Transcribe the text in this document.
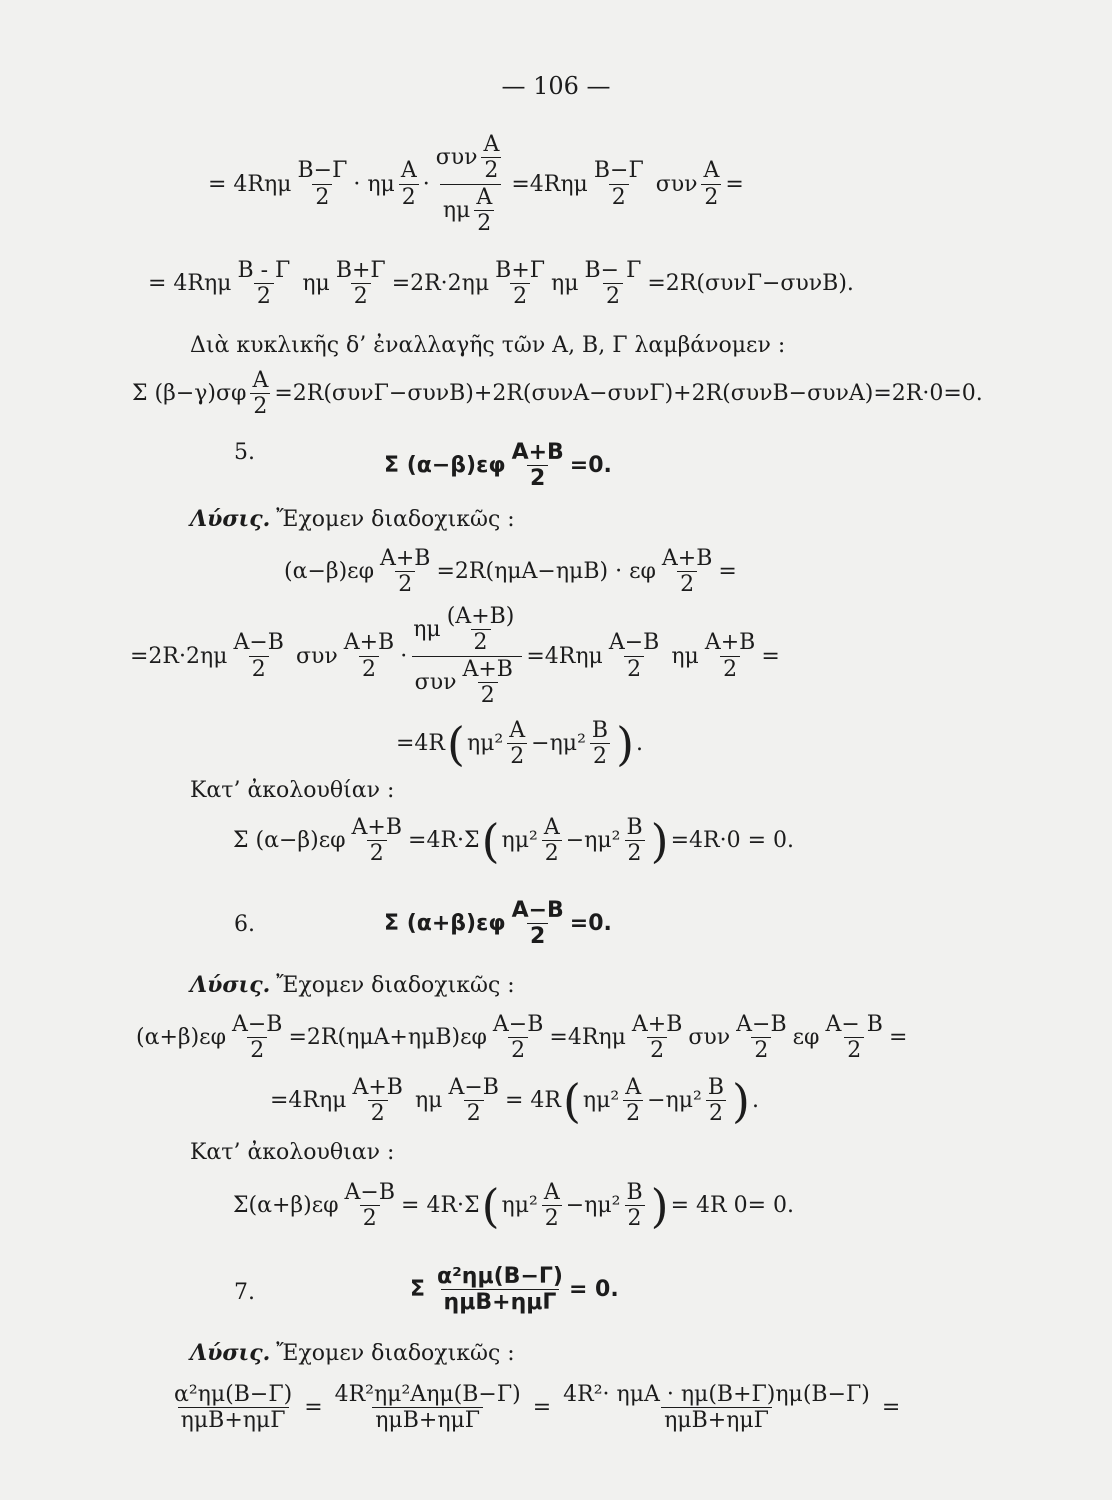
— 106 —
= $4R\eta\mu \frac{B-\Gamma}{2} \cdot \eta\mu \frac{A}{2} \cdot \frac{\sigma\upsilon\nu \frac{A}{2}}{\eta\mu \frac{A}{2}} =4R\eta\mu \frac{B-\Gamma}{2}$ συν $\frac{A}{2}$ =
= $4R\eta\mu \frac{B - \Gamma}{2}$ ημ $\frac{B+\Gamma}{2} =2R\cdot 2\eta\mu \frac{B+\Gamma}{2}$ ημ $\frac{B- \Gamma}{2} =2R(\sigma\upsilon\nu\Gamma-\sigma\upsilon\nu B)$.
Διὰ κυκλικῆς δ’ ἐναλλαγῆς τῶν Α, Β, Γ λαμβάνομεν :
Σ $(\beta-\gamma)\sigma\varphi \frac{A}{2} =2R(\sigma\upsilon\nu\Gamma-\sigma\upsilon\nu B)+2R(\sigma\upsilon\nu A-\sigma\upsilon\nu\Gamma)+2R(\sigma\upsilon\nu B-\sigma\upsilon\nu A)=2R\cdot 0=0$.
5.
Σ $(\alpha-\beta)\varepsilon\varphi \frac{A+B}{2} =0$.
Λύσις. Ἔχομεν διαδοχικῶς :
$(\alpha-\beta)\varepsilon\varphi \frac{A+B}{2} =2R(\eta\mu A-\eta\mu B) \cdot \varepsilon\varphi \frac{A+B}{2}$ =
$=2R\cdot 2\eta\mu \frac{A-B}{2}$ συν $\frac{A+B}{2} \cdot \frac{\eta\mu \frac{(A+B)}{2}}{\sigma\upsilon\nu \frac{A+B}{2}} =4R\eta\mu \frac{A-B}{2}$ ημ $\frac{A+B}{2}$ =
=4R ( $\eta\mu^2 \frac{A}{2} -\eta\mu^2 \frac{B}{2}$ ) .
Κατ’ ἀκολουθίαν :
Σ $(\alpha-\beta)\varepsilon\varphi \frac{A+B}{2} =4R\cdot\Sigma$ ( $\eta\mu^2 \frac{A}{2} -\eta\mu^2 \frac{B}{2}$ ) =4R·0 = 0.
6.	Σ $(\alpha+\beta)\varepsilon\varphi \frac{A-B}{2} =0$.
Λύσις. Ἔχομεν διαδοχικῶς :
$(\alpha+\beta)\varepsilon\varphi \frac{A-B}{2} =2R(\eta\mu A+\eta\mu B)\varepsilon\varphi \frac{A-B}{2} =4R\eta\mu \frac{A+B}{2}$ συν $\frac{A-B}{2}$ εφ $\frac{A- B}{2}$ =
$=4R\eta\mu \frac{A+B}{2}$ ημ $\frac{A-B}{2} = 4R$ ( $\eta\mu^2 \frac{A}{2} -\eta\mu^2 \frac{B}{2}$ ) .
Κατ’ ἀκολουθιαν :
$\Sigma(\alpha+\beta)\varepsilon\varphi \frac{A-B}{2} = 4R\cdot\Sigma$ ( $\eta\mu^2 \frac{A}{2} -\eta\mu^2 \frac{B}{2}$ ) = 4R 0= 0.
7.	Σ $\frac{\text{α²ημ(Β−Γ)}}{\text{ημΒ+ημΓ}} = 0$.
Λύσις. Ἔχομεν διαδοχικῶς :
$\frac{\text{α²ημ(Β−Γ)}}{\text{ημΒ+ημΓ}} = \frac{\text{4R²ημ²Αημ(Β−Γ)}}{\text{ημΒ+ημΓ}} = \frac{\text{4R²· ημΑ · ημ(Β+Γ)ημ(Β−Γ)}}{\text{ημΒ+ημΓ}}$ =
